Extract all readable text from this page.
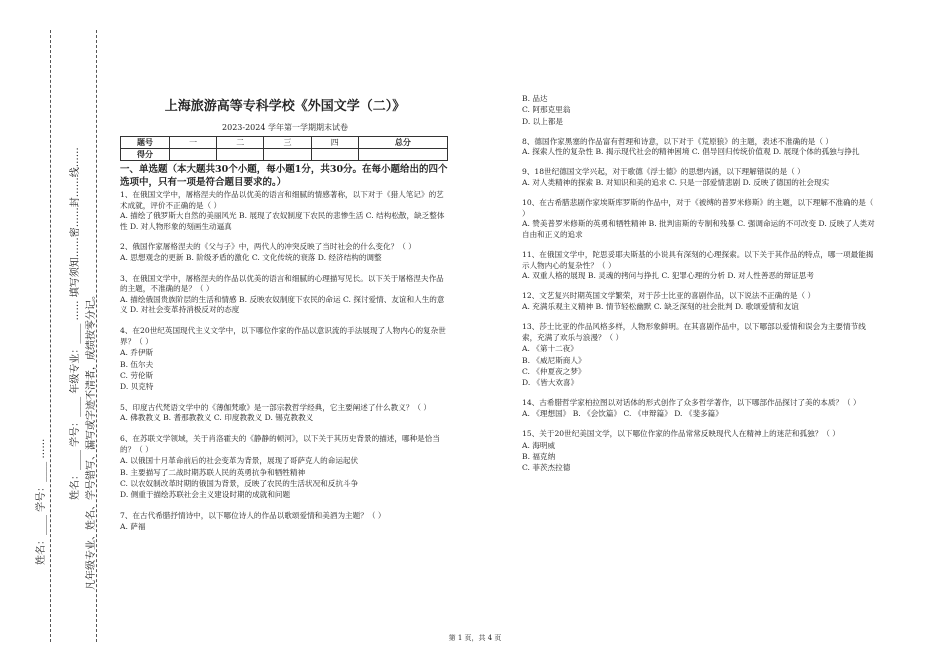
姓名：____ 学号：____ 年级专业：____ …… 填写须知……密……封……线…… 凡年级专业、姓名、学号错写、漏写或字迹不清者，成绩按零分记。
姓名：____ 学号：____ ……
上海旅游高等专科学校《外国文学（二）》
2023-2024 学年第一学期期末试卷
题号	一	二	三	四	总分
得分					
一、单选题（本大题共30个小题，每小题1分，共30分。在每小题给出的四个选项中，只有一项是符合题目要求的。）
1、在俄国文学中，屠格涅夫的作品以优美的语言和细腻的情感著称，以下对于《猎人笔记》的艺术成就，评价不正确的是（ ）
A. 描绘了俄罗斯大自然的美丽风光 B. 展现了农奴制度下农民的悲惨生活 C. 结构松散，缺乏整体性 D. 对人物形象的刻画生动逼真
2、俄国作家屠格涅夫的《父与子》中，两代人的冲突反映了当时社会的什么变化？（ ）
A. 思想观念的更新 B. 阶级矛盾的激化 C. 文化传统的衰落 D. 经济结构的调整
3、在俄国文学中，屠格涅夫的作品以优美的语言和细腻的心理描写见长。以下关于屠格涅夫作品的主题，不准确的是？（ ）
A. 描绘俄国贵族阶层的生活和情感 B. 反映农奴制度下农民的命运 C. 探讨爱情、友谊和人生的意义 D. 对社会变革持消极反对的态度
4、在20世纪英国现代主义文学中，以下哪位作家的作品以意识流的手法展现了人物内心的复杂世界？（ ）
A. 乔伊斯
B. 伍尔夫
C. 劳伦斯
D. 贝克特
5、印度古代梵语文学中的《薄伽梵歌》是一部宗教哲学经典，它主要阐述了什么教义？（ ）
A. 佛教教义 B. 耆那教教义 C. 印度教教义 D. 锡克教教义
6、在苏联文学领域，关于肖洛霍夫的《静静的顿河》，以下关于其历史背景的描述，哪种是恰当的？（ ）
A. 以俄国十月革命前后的社会变革为背景，展现了哥萨克人的命运起伏
B. 主要描写了二战时期苏联人民的英勇抗争和牺牲精神
C. 以农奴制改革时期的俄国为背景，反映了农民的生活状况和反抗斗争
D. 侧重于描绘苏联社会主义建设时期的成就和问题
7、在古代希腊抒情诗中，以下哪位诗人的作品以歌颂爱情和美酒为主题？（ ）
A. 萨福
B. 品达
C. 阿那克里翁
D. 以上都是
8、德国作家黑塞的作品富有哲理和诗意，以下对于《荒原狼》的主题，表述不准确的是（ ）
A. 探索人性的复杂性 B. 揭示现代社会的精神困境 C. 倡导回归传统价值观 D. 展现个体的孤独与挣扎
9、18世纪德国文学兴起，对于歌德《浮士德》的思想内涵，以下理解错误的是（ ）
A. 对人类精神的探索 B. 对知识和美的追求 C. 只是一部爱情悲剧 D. 反映了德国的社会现实
10、在古希腊悲剧作家埃斯库罗斯的作品中，对于《被缚的普罗米修斯》的主题，以下理解不准确的是（ ）
A. 赞美普罗米修斯的英勇和牺牲精神 B. 批判宙斯的专制和残暴 C. 强调命运的不可改变 D. 反映了人类对自由和正义的追求
11、在俄国文学中，陀思妥耶夫斯基的小说具有深刻的心理探索。以下关于其作品的特点，哪一项最能揭示人物内心的复杂性？（ ）
A. 双重人格的展现 B. 灵魂的拷问与挣扎 C. 犯罪心理的分析 D. 对人性善恶的辩证思考
12、文艺复兴时期英国文学繁荣，对于莎士比亚的喜剧作品，以下说法不正确的是（ ）
A. 充满乐观主义精神 B. 情节轻松幽默 C. 缺乏深刻的社会批判 D. 歌颂爱情和友谊
13、莎士比亚的作品风格多样，人物形象鲜明。在其喜剧作品中，以下哪部以爱情和误会为主要情节线索，充满了欢乐与浪漫？（ ）
A. 《第十二夜》
B. 《威尼斯商人》
C. 《仲夏夜之梦》
D. 《皆大欢喜》
14、古希腊哲学家柏拉图以对话体的形式创作了众多哲学著作，以下哪部作品探讨了美的本质？（ ）
A. 《理想国》 B. 《会饮篇》 C. 《申辩篇》 D. 《斐多篇》
15、关于20世纪美国文学，以下哪位作家的作品常常反映现代人在精神上的迷茫和孤独？（ ）
A. 海明威
B. 福克纳
C. 菲茨杰拉德
第 1 页，共 4 页
